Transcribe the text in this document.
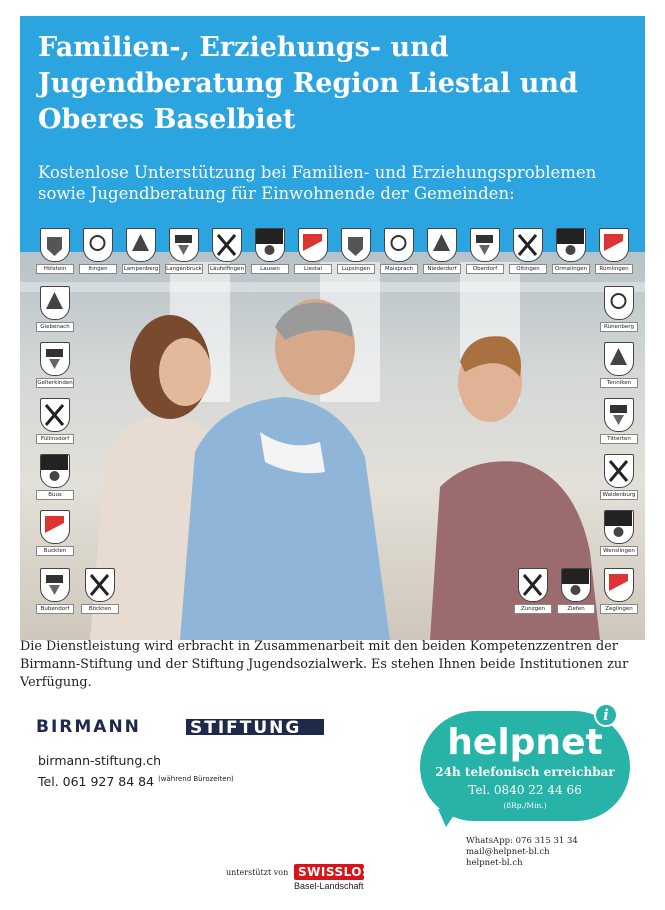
Familien-, Erziehungs- und Jugendberatung Region Liestal und Oberes Baselbiet
Kostenlose Unterstützung bei Familien- und Erziehungsproblemen sowie Jugendberatung für Einwohnende der Gemeinden:
Hölstein	Itingen	Lampenberg	Langenbruck	Läufelfingen	Lausen	Liestal	Lupsingen	Maisprach	Niederdorf	Oberdorf	Oltingen	Ormalingen	Rümlingen
Giebenach
Gelterkinden
Füllinsdorf
Buus
Buckten
Bubendorf	Böckten
Rünenberg
Tenniken
Titterten
Waldenburg
Wenslingen
Zunzgen	Ziefen	Zeglingen
Die Dienstleistung wird erbracht in Zusammenarbeit mit den beiden Kompetenzzentren der Birmann-Stiftung und der Stiftung Jugendsozialwerk. Es stehen Ihnen beide Institutionen zur Verfügung.
BIRMANN	STIFTUNG
birmann-stiftung.ch
Tel. 061 927 84 84 $^{(während Bürozeiten)}$
i
helpnet
24h telefonisch erreichbar
Tel. 0840 22 44 66
(8Rp./Min.)
WhatsApp: 076 315 31 34
mail@helpnet-bl.ch
helpnet-bl.ch
unterstützt von SWISSLOS
Basel-Landschaft
